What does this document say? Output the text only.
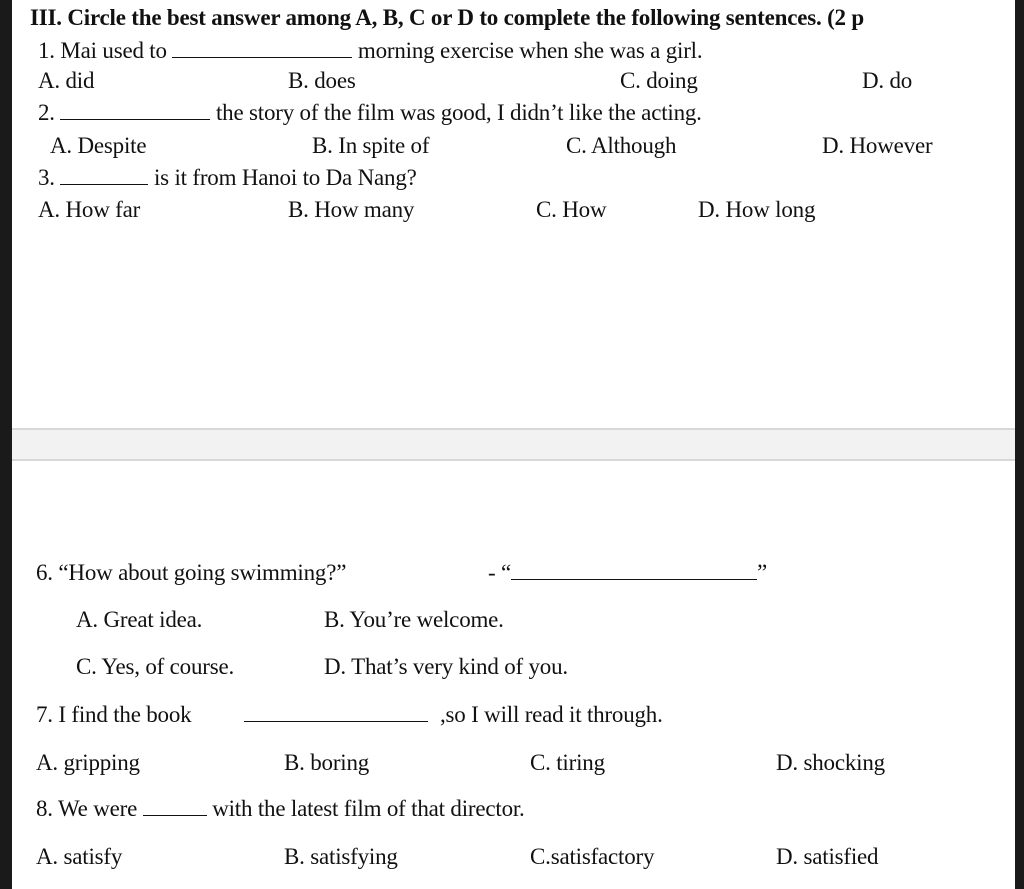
III. Circle the best answer among A, B, C or D to complete the following sentences. (2 p
1. Mai used to	morning exercise when she was a girl.
A. did	B. does	C. doing	D. do
2.	the story of the film was good, I didn’t like the acting.
A. Despite	B. In spite of	C. Although	D. However
3.	is it from Hanoi to Da Nang?
A. How far	B. How many	C. How	D. How long
6. “How about going swimming?”	- “	”
A. Great idea.	B. You’re welcome.
C. Yes, of course.	D. That’s very kind of you.
7. I find the book	,so I will read it through.
A. gripping	B. boring	C. tiring	D. shocking
8. We were	with the latest film of that director.
A. satisfy	B. satisfying	C.satisfactory	D. satisfied
